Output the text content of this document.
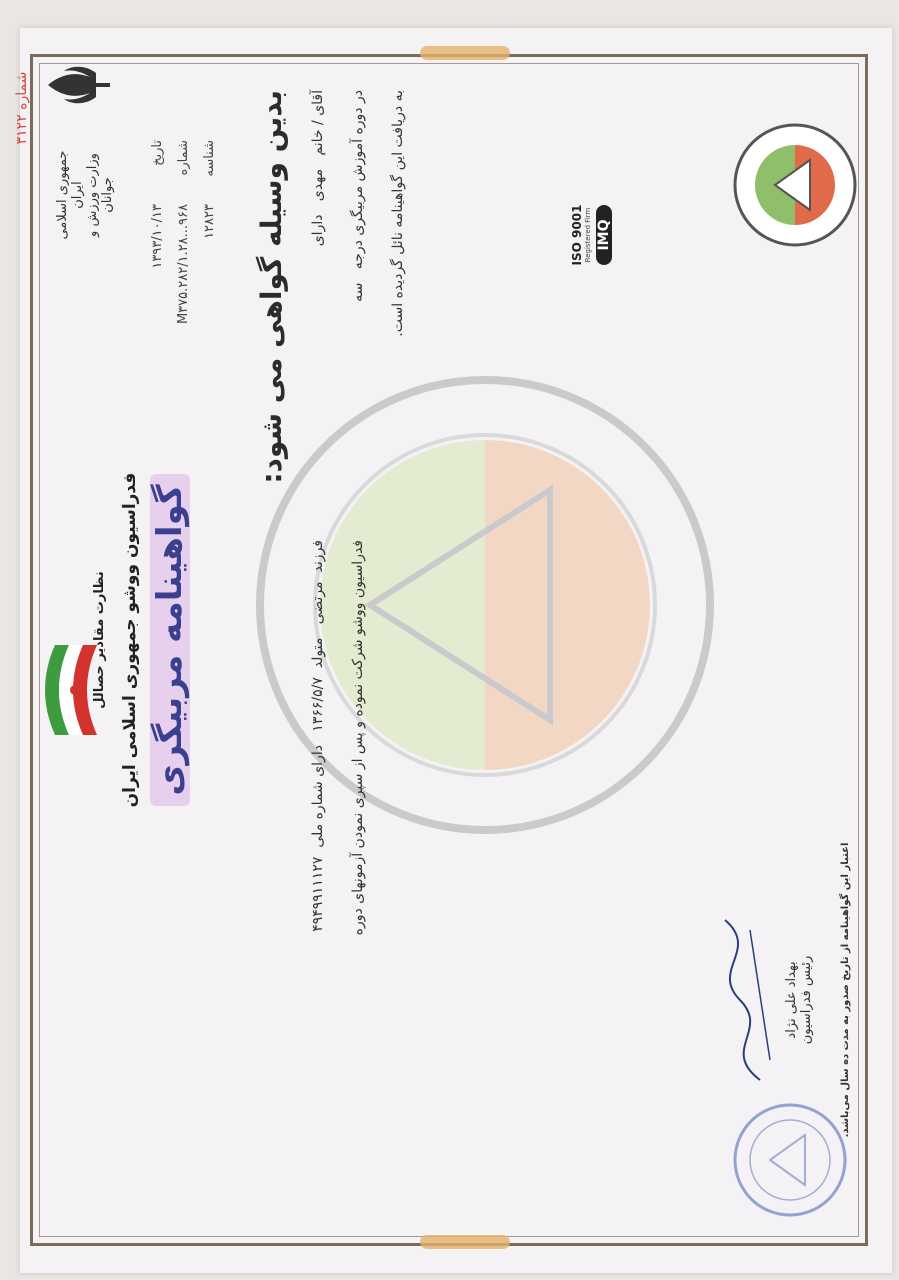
شماره ۳۱۲۲
جمهوری اسلامی ایران وزارت ورزش و جوانان
تاریخ
۱۳۹۳/۱۰/۱۳
شماره
M۳۷۵.۲۸۲/۱.۲۸...۹۶۸
شناسه
۱۲۸۲۳
نظارت مقادیر حصالل فدراسیون ووشو جمهوری اسلامی ایران گواهینامه مربیگری
ISO 9001 Registered Firm IMQ
بدین وسیله گواهی می شود: آقای / خانم   مهدی   دارای
فرزند  مرتضی   متولد  ۱۳۶۶/۵/۷   دارای شماره ملی  ۴۹۴۹۹۱۱۱۲۷
در دوره آموزش مربیگری درجه   سه
فدراسیون ووشو شرکت نموده و پس از سپری نمودن آزمونهای دوره
به دریافت این گواهینامه نائل گردیده است.
بهداد علی نژاد رئیس فدراسیون	اعتبار این گواهینامه از تاریخ صدور به مدت ده سال می‌باشد.
